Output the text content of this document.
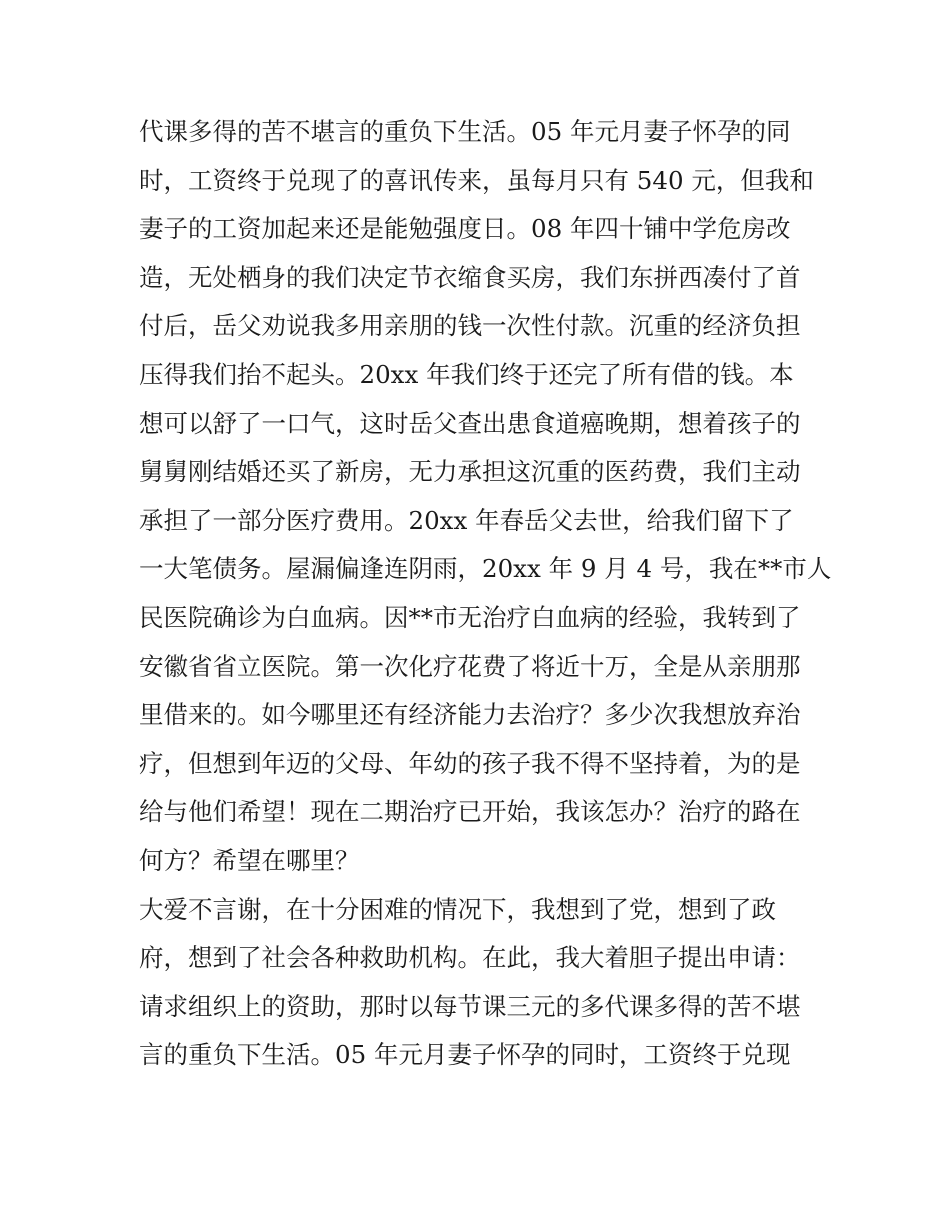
代课多得的苦不堪言的重负下生活。05 年元月妻子怀孕的同
时，工资终于兑现了的喜讯传来，虽每月只有 540 元，但我和
妻子的工资加起来还是能勉强度日。08 年四十铺中学危房改
造，无处栖身的我们决定节衣缩食买房，我们东拼西凑付了首
付后，岳父劝说我多用亲朋的钱一次性付款。沉重的经济负担
压得我们抬不起头。20xx 年我们终于还完了所有借的钱。本
想可以舒了一口气，这时岳父查出患食道癌晚期，想着孩子的
舅舅刚结婚还买了新房，无力承担这沉重的医药费，我们主动
承担了一部分医疗费用。20xx 年春岳父去世，给我们留下了
一大笔债务。屋漏偏逢连阴雨，20xx 年 9 月 4 号，我在**市人
民医院确诊为白血病。因**市无治疗白血病的经验，我转到了
安徽省省立医院。第一次化疗花费了将近十万，全是从亲朋那
里借来的。如今哪里还有经济能力去治疗？多少次我想放弃治
疗，但想到年迈的父母、年幼的孩子我不得不坚持着，为的是
给与他们希望！现在二期治疗已开始，我该怎办？治疗的路在
何方？希望在哪里？
大爱不言谢，在十分困难的情况下，我想到了党，想到了政
府，想到了社会各种救助机构。在此，我大着胆子提出申请：
请求组织上的资助，那时以每节课三元的多代课多得的苦不堪
言的重负下生活。05 年元月妻子怀孕的同时，工资终于兑现
